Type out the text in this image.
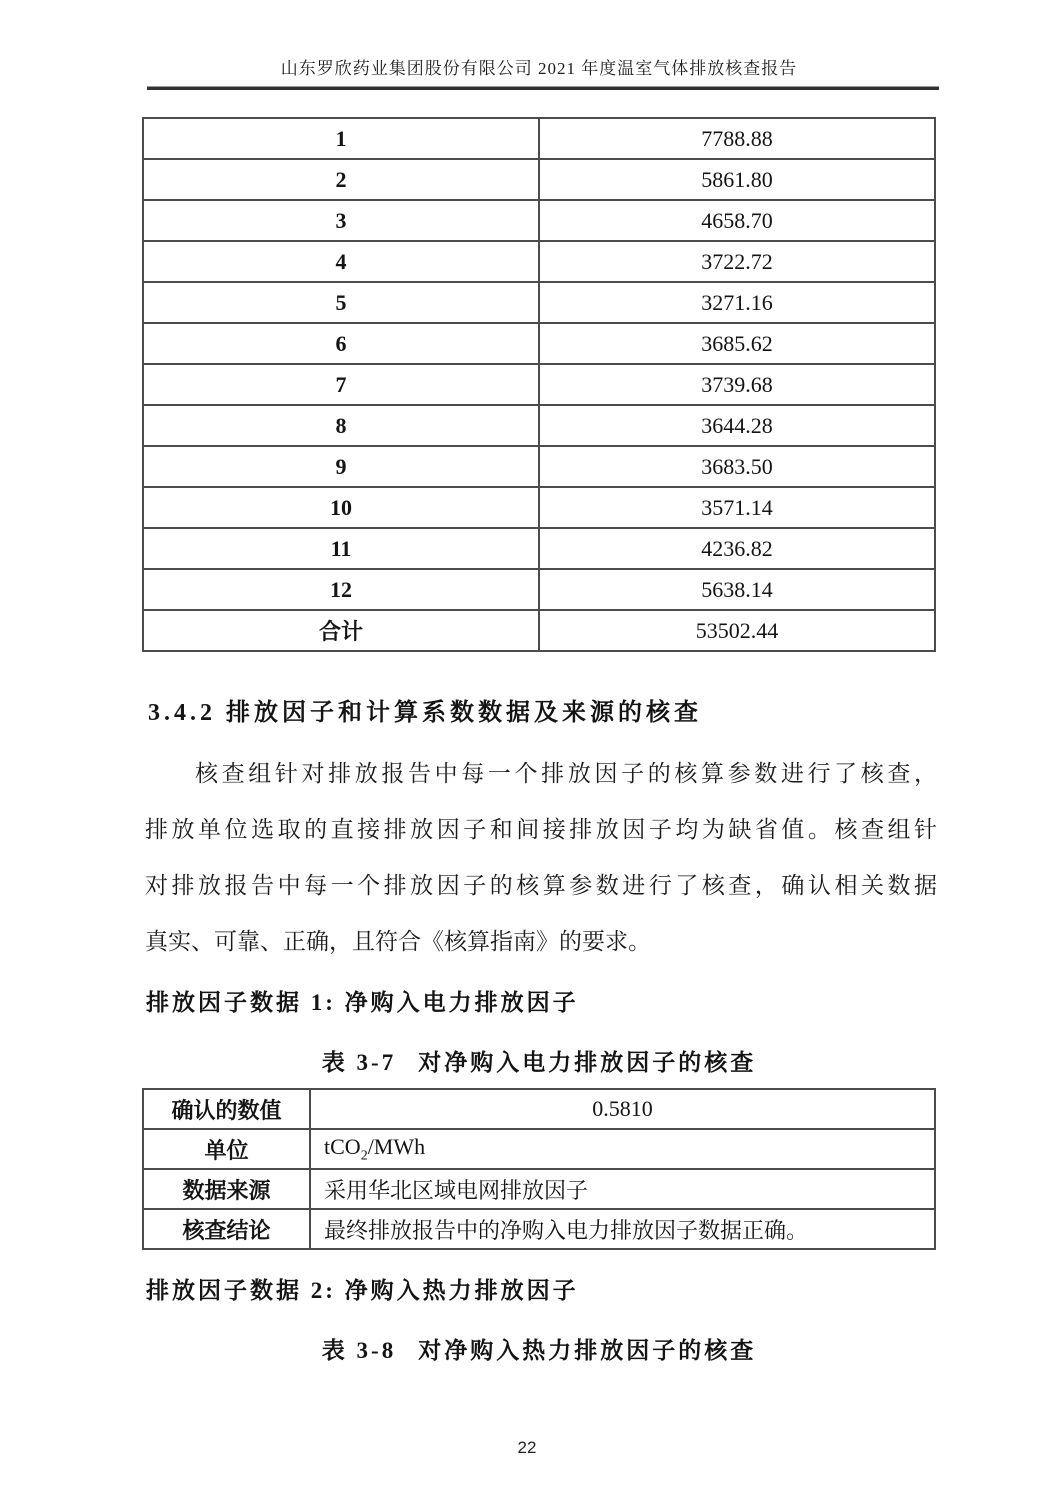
山东罗欣药业集团股份有限公司 2021 年度温室气体排放核查报告
1	7788.88
2	5861.80
3	4658.70
4	3722.72
5	3271.16
6	3685.62
7	3739.68
8	3644.28
9	3683.50
10	3571.14
11	4236.82
12	5638.14
合计	53502.44
3.4.2 排放因子和计算系数数据及来源的核查
核查组针对排放报告中每一个排放因子的核算参数进行了核查，
排放单位选取的直接排放因子和间接排放因子均为缺省值。核查组针
对排放报告中每一个排放因子的核算参数进行了核查，确认相关数据
真实、可靠、正确，且符合《核算指南》的要求。
排放因子数据 1: 净购入电力排放因子
表 3-7 对净购入电力排放因子的核查
确认的数值	0.5810
单位	tCO$_2$/MWh
数据来源	采用华北区域电网排放因子
核查结论	最终排放报告中的净购入电力排放因子数据正确。
排放因子数据 2: 净购入热力排放因子
表 3-8 对净购入热力排放因子的核查
22
